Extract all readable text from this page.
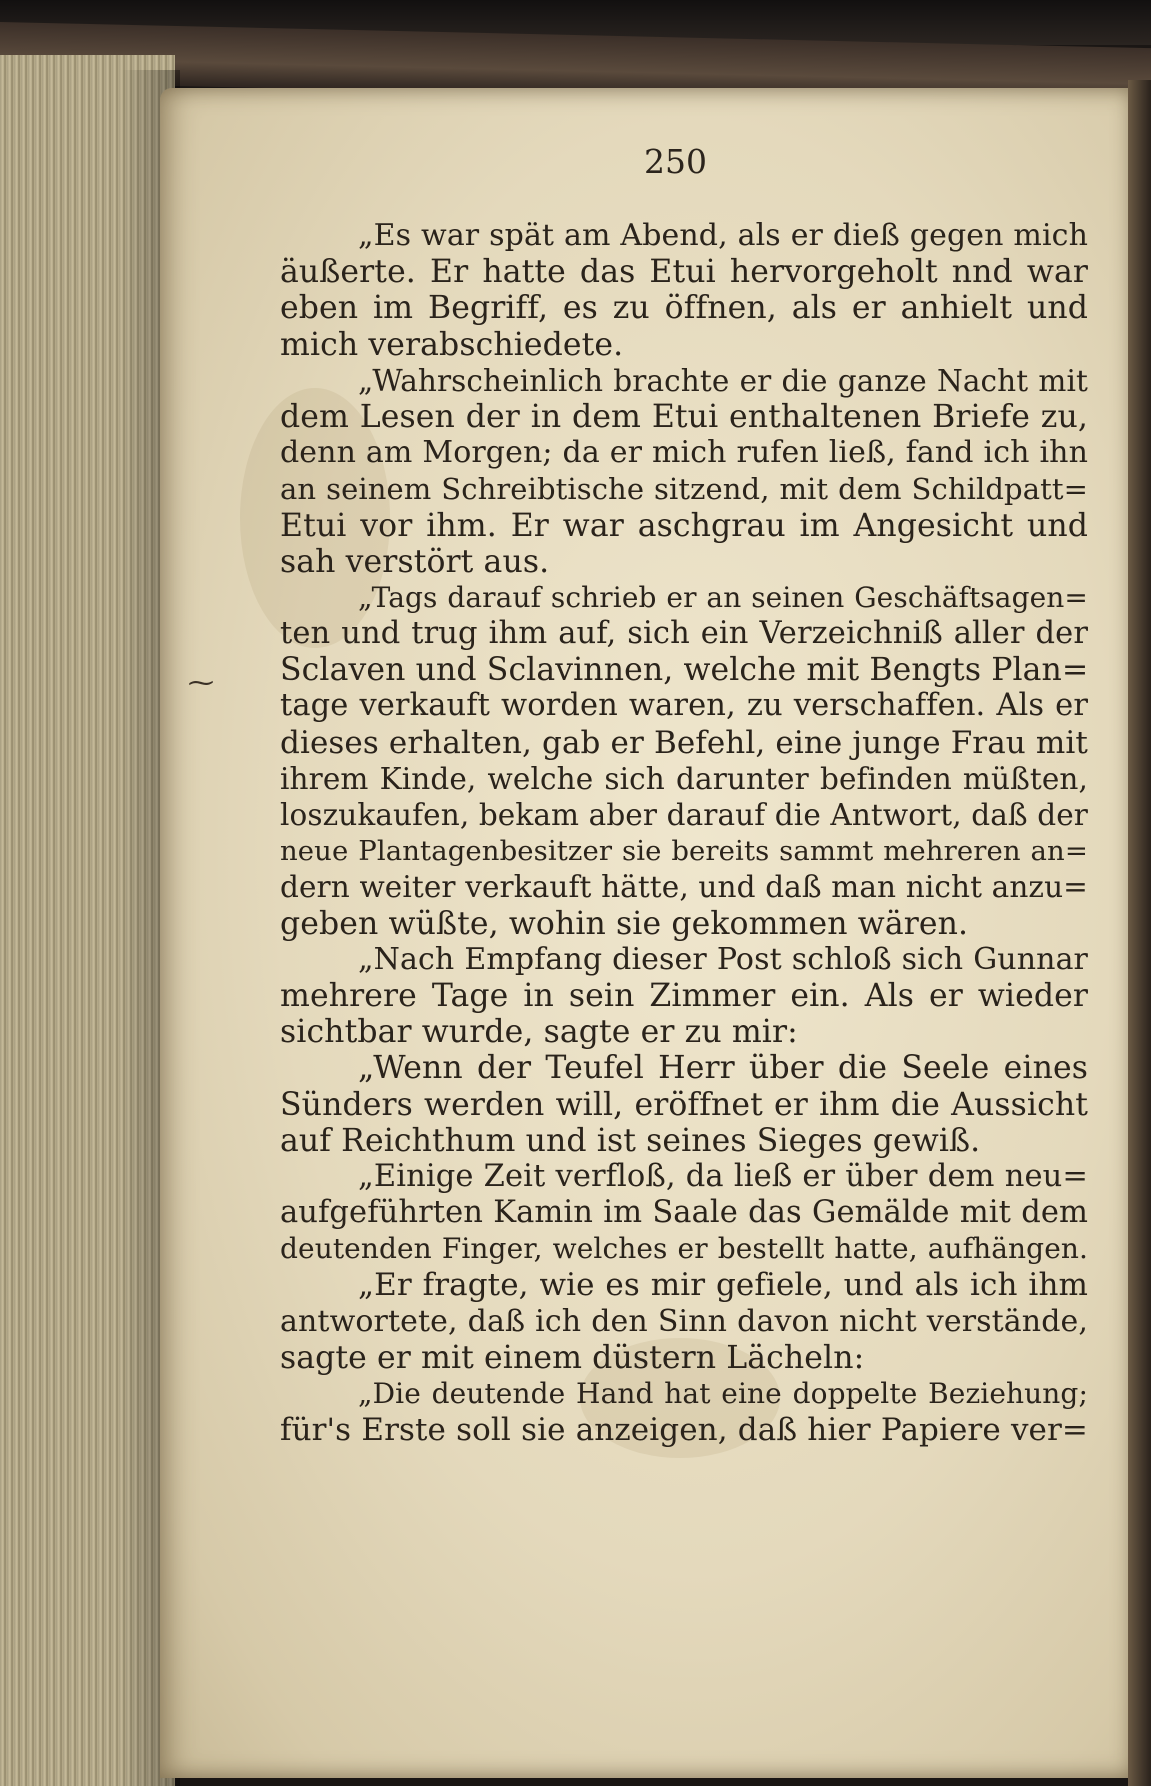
250
⁓
„Es war spät am Abend, als er dieß gegen mich
äußerte. Er hatte das Etui hervorgeholt nnd war
eben im Begriff, es zu öffnen, als er anhielt und
mich verabschiedete.
„Wahrscheinlich brachte er die ganze Nacht mit
dem Lesen der in dem Etui enthaltenen Briefe zu,
denn am Morgen; da er mich rufen ließ, fand ich ihn
an seinem Schreibtische sitzend, mit dem Schildpatt=
Etui vor ihm. Er war aschgrau im Angesicht und
sah verstört aus.
„Tags darauf schrieb er an seinen Geschäftsagen=
ten und trug ihm auf, sich ein Verzeichniß aller der
Sclaven und Sclavinnen, welche mit Bengts Plan=
tage verkauft worden waren, zu verschaffen. Als er
dieses erhalten, gab er Befehl, eine junge Frau mit
ihrem Kinde, welche sich darunter befinden müßten,
loszukaufen, bekam aber darauf die Antwort, daß der
neue Plantagenbesitzer sie bereits sammt mehreren an=
dern weiter verkauft hätte, und daß man nicht anzu=
geben wüßte, wohin sie gekommen wären.
„Nach Empfang dieser Post schloß sich Gunnar
mehrere Tage in sein Zimmer ein. Als er wieder
sichtbar wurde, sagte er zu mir:
„Wenn der Teufel Herr über die Seele eines
Sünders werden will, eröffnet er ihm die Aussicht
auf Reichthum und ist seines Sieges gewiß.
„Einige Zeit verfloß, da ließ er über dem neu=
aufgeführten Kamin im Saale das Gemälde mit dem
deutenden Finger, welches er bestellt hatte, aufhängen.
„Er fragte, wie es mir gefiele, und als ich ihm
antwortete, daß ich den Sinn davon nicht verstände,
sagte er mit einem düstern Lächeln:
„Die deutende Hand hat eine doppelte Beziehung;
für's Erste soll sie anzeigen, daß hier Papiere ver=
